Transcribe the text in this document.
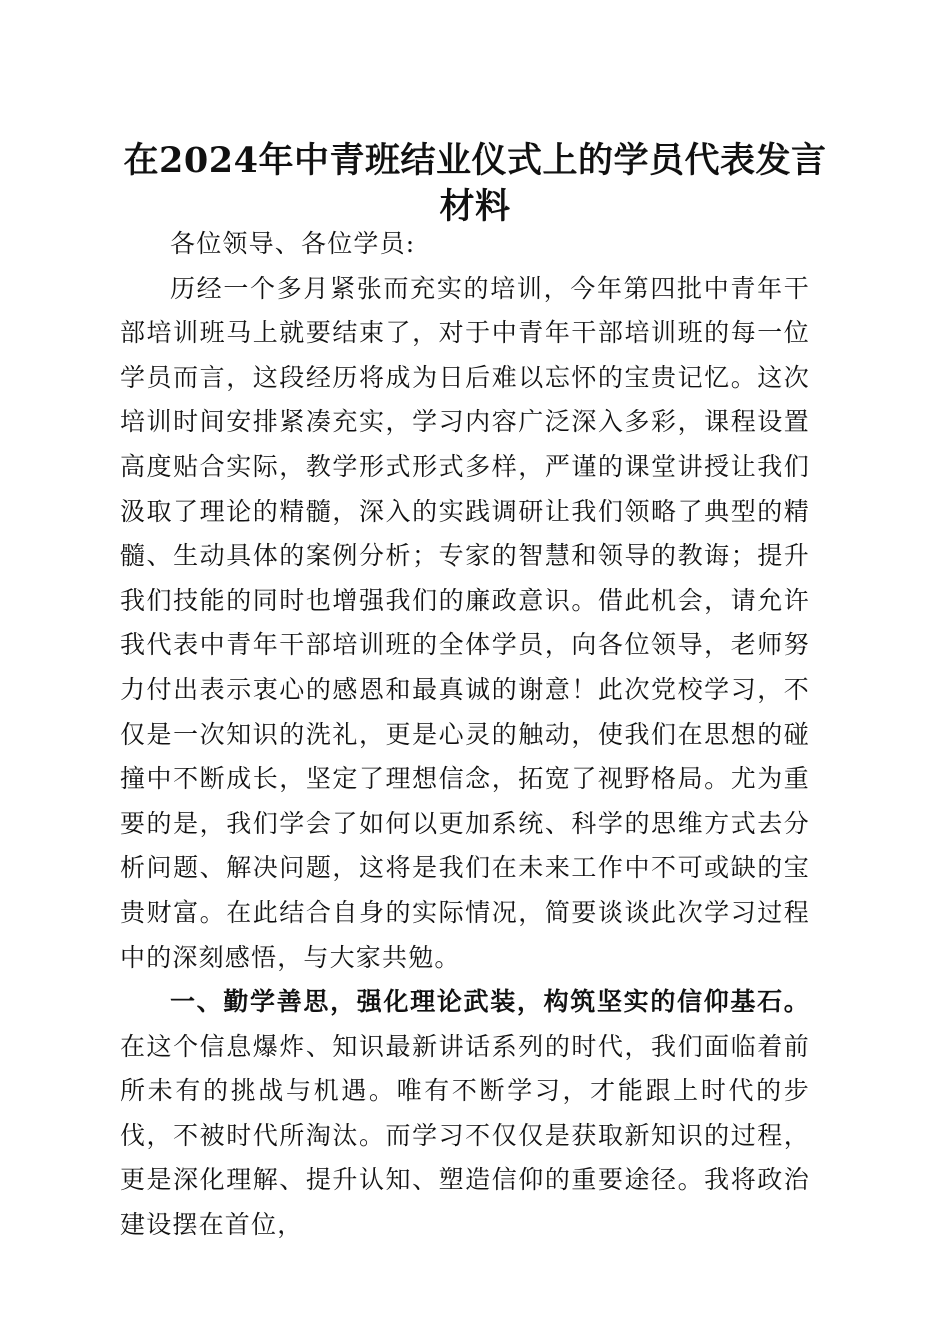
在2024年中青班结业仪式上的学员代表发言材料

各位领导、各位学员:

历经一个多月紧张而充实的培训，今年第四批中青年干部培训班马上就要结束了，对于中青年干部培训班的每一位学员而言，这段经历将成为日后难以忘怀的宝贵记忆。这次培训时间安排紧凑充实，学习内容广泛深入多彩，课程设置高度贴合实际，教学形式形式多样，严谨的课堂讲授让我们汲取了理论的精髓，深入的实践调研让我们领略了典型的精髓、生动具体的案例分析；专家的智慧和领导的教诲；提升我们技能的同时也增强我们的廉政意识。借此机会，请允许我代表中青年干部培训班的全体学员，向各位领导，老师努力付出表示衷心的感恩和最真诚的谢意！此次党校学习，不仅是一次知识的洗礼，更是心灵的触动，使我们在思想的碰撞中不断成长，坚定了理想信念，拓宽了视野格局。尤为重要的是，我们学会了如何以更加系统、科学的思维方式去分析问题、解决问题，这将是我们在未来工作中不可或缺的宝贵财富。在此结合自身的实际情况，简要谈谈此次学习过程中的深刻感悟，与大家共勉。

一、勤学善思，强化理论武装，构筑坚实的信仰基石。在这个信息爆炸、知识最新讲话系列的时代，我们面临着前所未有的挑战与机遇。唯有不断学习，才能跟上时代的步伐，不被时代所淘汰。而学习不仅仅是获取新知识的过程，更是深化理解、提升认知、塑造信仰的重要途径。我将政治建设摆在首位，
